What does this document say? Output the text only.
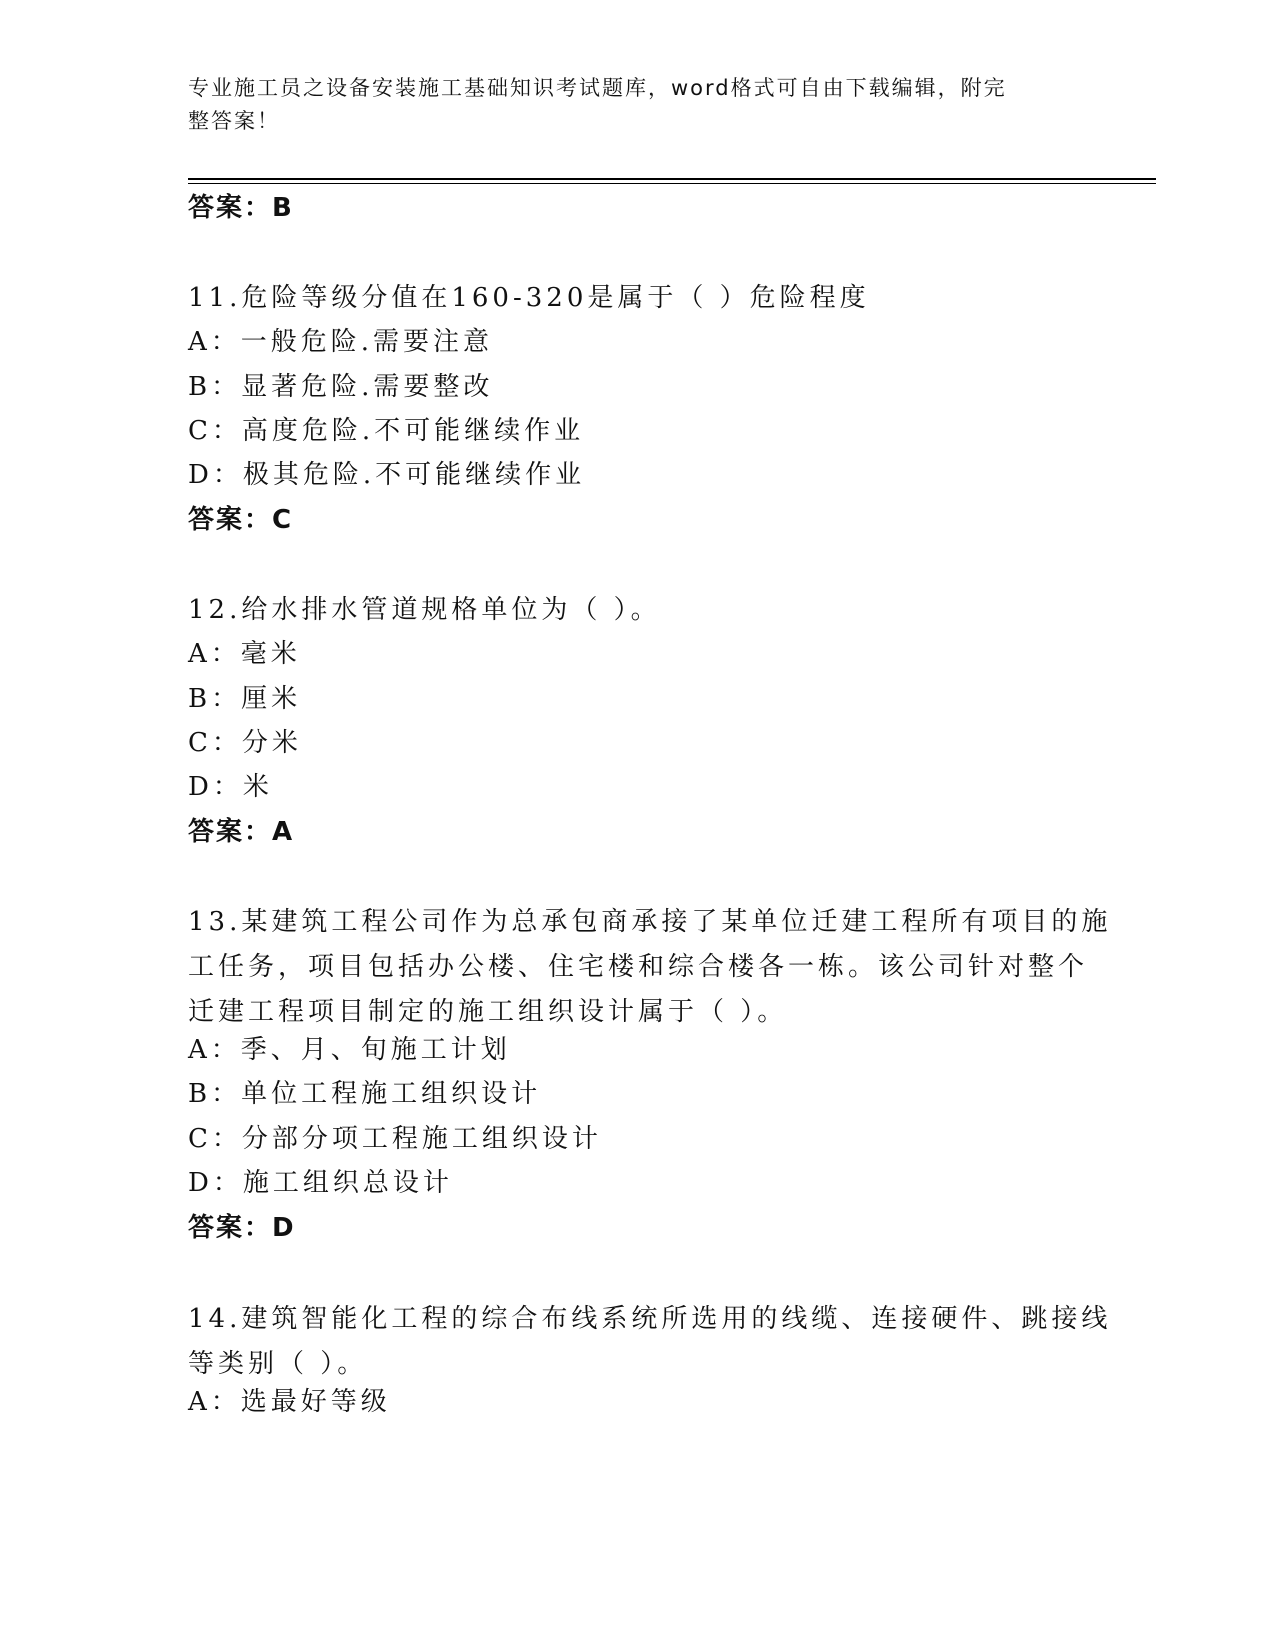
专业施工员之设备安装施工基础知识考试题库，word格式可自由下载编辑，附完
整答案！
答案：B
11.危险等级分值在160-320是属于（ ）危险程度
A：一般危险.需要注意
B：显著危险.需要整改
C：高度危险.不可能继续作业
D：极其危险.不可能继续作业
答案：C
12.给水排水管道规格单位为（ ）。
A：毫米
B：厘米
C：分米
D：米
答案：A
13.某建筑工程公司作为总承包商承接了某单位迁建工程所有项目的施
工任务，项目包括办公楼、住宅楼和综合楼各一栋。该公司针对整个
迁建工程项目制定的施工组织设计属于（ ）。
A：季、月、旬施工计划
B：单位工程施工组织设计
C：分部分项工程施工组织设计
D：施工组织总设计
答案：D
14.建筑智能化工程的综合布线系统所选用的线缆、连接硬件、跳接线
等类别（ ）。
A：选最好等级
